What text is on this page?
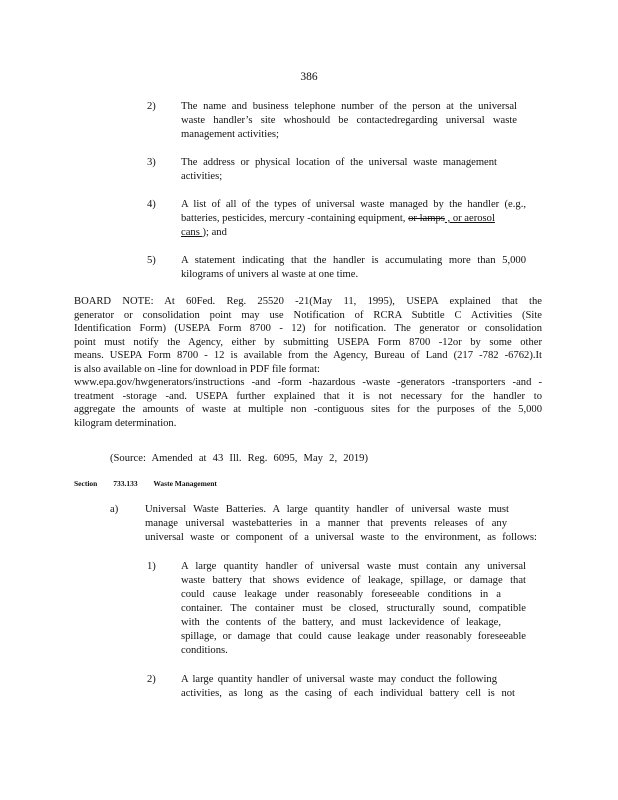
386
2) The name and business telephone number of the person at the universal
waste handler’s site whoshould be contactedregarding universal waste
management activities;
3) The address or physical location of the universal waste management
activities;
4) A list of all of the types of universal waste managed by the handler (e.g.,
batteries, pesticides, mercury -containing equipment, or lamps , or aerosol
cans ); and
5) A statement indicating that the handler is accumulating more than 5,000
kilograms of univers al waste at one time.
BOARD NOTE: At 60Fed. Reg. 25520 -21(May 11, 1995), USEPA explained that the
generator or consolidation point may use Notification of RCRA Subtitle C Activities (Site
Identification Form) (USEPA Form 8700 - 12) for notification. The generator or consolidation
point must notify the Agency, either by submitting USEPA Form 8700 -12or by some other
means. USEPA Form 8700 - 12 is available from the Agency, Bureau of Land (217 -782 -6762).It
is also available on -line for download in PDF file format:
www.epa.gov/hwgenerators/instructions -and -form -hazardous -waste -generators -transporters -and -
treatment -storage -and. USEPA further explained that it is not necessary for the handler to
aggregate the amounts of waste at multiple non -contiguous sites for the purposes of the 5,000
kilogram determination.
(Source: Amended at 43 Ill. Reg. 6095, May 2, 2019)
Section 733.133 Waste Management
a)	Universal Waste Batteries. A large quantity handler of universal waste must
manage universal wastebatteries in a manner that prevents releases of any
universal waste or component of a universal waste to the environment, as follows:
1) A large quantity handler of universal waste must contain any universal
waste battery that shows evidence of leakage, spillage, or damage that
could cause leakage under reasonably foreseeable conditions in a
container. The container must be closed, structurally sound, compatible
with the contents of the battery, and must lackevidence of leakage,
spillage, or damage that could cause leakage under reasonably foreseeable
conditions.
2) A large quantity handler of universal waste may conduct the following
activities, as long as the casing of each individual battery cell is not
